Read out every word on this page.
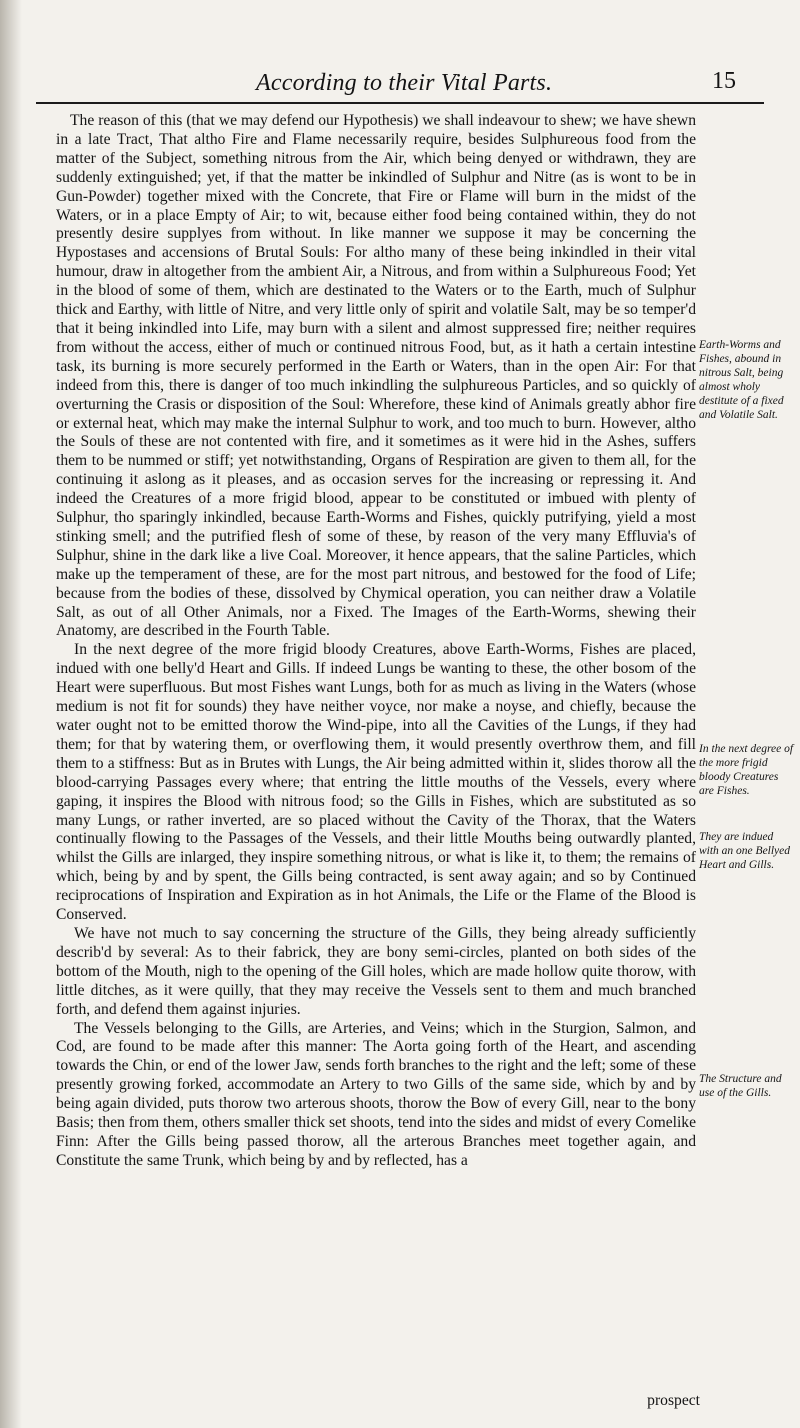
According to their Vital Parts.	15

The reason of this (that we may defend our Hypothesis) we shall indeavour to shew; we have shewn in a late Tract, That altho Fire and Flame necessarily require, besides Sulphureous food from the matter of the Subject, something nitrous from the Air, which being denyed or withdrawn, they are suddenly extinguished; yet, if that the matter be inkindled of Sulphur and Nitre (as is wont to be in Gun-Powder) together mixed with the Concrete, that Fire or Flame will burn in the midst of the Waters, or in a place Empty of Air; to wit, because either food being contained within, they do not presently desire supplyes from without. In like manner we suppose it may be concerning the Hypostases and accensions of Brutal Souls: For altho many of these being inkindled in their vital humour, draw in altogether from the ambient Air, a Nitrous, and from within a Sulphureous Food; Yet in the blood of some of them, which are destinated to the Waters or to the Earth, much of Sulphur thick and Earthy, with little of Nitre, and very little only of spirit and volatile Salt, may be so temper'd that it being inkindled into Life, may burn with a silent and almost suppressed fire; neither requires from without the access, either of much or continued nitrous Food, but, as it hath a certain intestine task, its burning is more securely performed in the Earth or Waters, than in the open Air: For that indeed from this, there is danger of too much inkindling the sulphureous Particles, and so quickly of overturning the Crasis or disposition of the Soul: Wherefore, these kind of Animals greatly abhor fire or external heat, which may make the internal Sulphur to work, and too much to burn. However, altho the Souls of these are not contented with fire, and it sometimes as it were hid in the Ashes, suffers them to be nummed or stiff; yet notwithstanding, Organs of Respiration are given to them all, for the continuing it aslong as it pleases, and as occasion serves for the increasing or repressing it. And indeed the Creatures of a more frigid blood, appear to be constituted or imbued with plenty of Sulphur, tho sparingly inkindled, because Earth-Worms and Fishes, quickly putrifying, yield a most stinking smell; and the putrified flesh of some of these, by reason of the very many Effluvia's of Sulphur, shine in the dark like a live Coal. Moreover, it hence appears, that the saline Particles, which make up the temperament of these, are for the most part nitrous, and bestowed for the food of Life; because from the bodies of these, dissolved by Chymical operation, you can neither draw a Volatile Salt, as out of all Other Animals, nor a Fixed. The Images of the Earth-Worms, shewing their Anatomy, are described in the Fourth Table.

In the next degree of the more frigid bloody Creatures, above Earth-Worms, Fishes are placed, indued with one belly'd Heart and Gills. If indeed Lungs be wanting to these, the other bosom of the Heart were superfluous. But most Fishes want Lungs, both for as much as living in the Waters (whose medium is not fit for sounds) they have neither voyce, nor make a noyse, and chiefly, because the water ought not to be emitted thorow the Wind-pipe, into all the Cavities of the Lungs, if they had them; for that by watering them, or overflowing them, it would presently overthrow them, and fill them to a stiffness: But as in Brutes with Lungs, the Air being admitted within it, slides thorow all the blood-carrying Passages every where; that entring the little mouths of the Vessels, every where gaping, it inspires the Blood with nitrous food; so the Gills in Fishes, which are substituted as so many Lungs, or rather inverted, are so placed without the Cavity of the Thorax, that the Waters continually flowing to the Passages of the Vessels, and their little Mouths being outwardly planted, whilst the Gills are inlarged, they inspire something nitrous, or what is like it, to them; the remains of which, being by and by spent, the Gills being contracted, is sent away again; and so by Continued reciprocations of Inspiration and Expiration as in hot Animals, the Life or the Flame of the Blood is Conserved.

We have not much to say concerning the structure of the Gills, they being already sufficiently describ'd by several: As to their fabrick, they are bony semi-circles, planted on both sides of the bottom of the Mouth, nigh to the opening of the Gill holes, which are made hollow quite thorow, with little ditches, as it were quilly, that they may receive the Vessels sent to them and much branched forth, and defend them against injuries.

The Vessels belonging to the Gills, are Arteries, and Veins; which in the Sturgion, Salmon, and Cod, are found to be made after this manner: The Aorta going forth of the Heart, and ascending towards the Chin, or end of the lower Jaw, sends forth branches to the right and the left; some of these presently growing forked, accommodate an Artery to two Gills of the same side, which by and by being again divided, puts thorow two arterous shoots, thorow the Bow of every Gill, near to the bony Basis; then from them, others smaller thick set shoots, tend into the sides and midst of every Comelike Finn: After the Gills being passed thorow, all the arterous Branches meet together again, and Constitute the same Trunk, which being by and by reflected, has a

Earth-Worms and Fishes, abound in nitrous Salt, being almost wholy destitute of a fixed and Volatile Salt.
In the next degree of the more frigid bloody Creatures are Fishes.
They are indued with an one Bellyed Heart and Gills.
The Structure and use of the Gills.
prospect
